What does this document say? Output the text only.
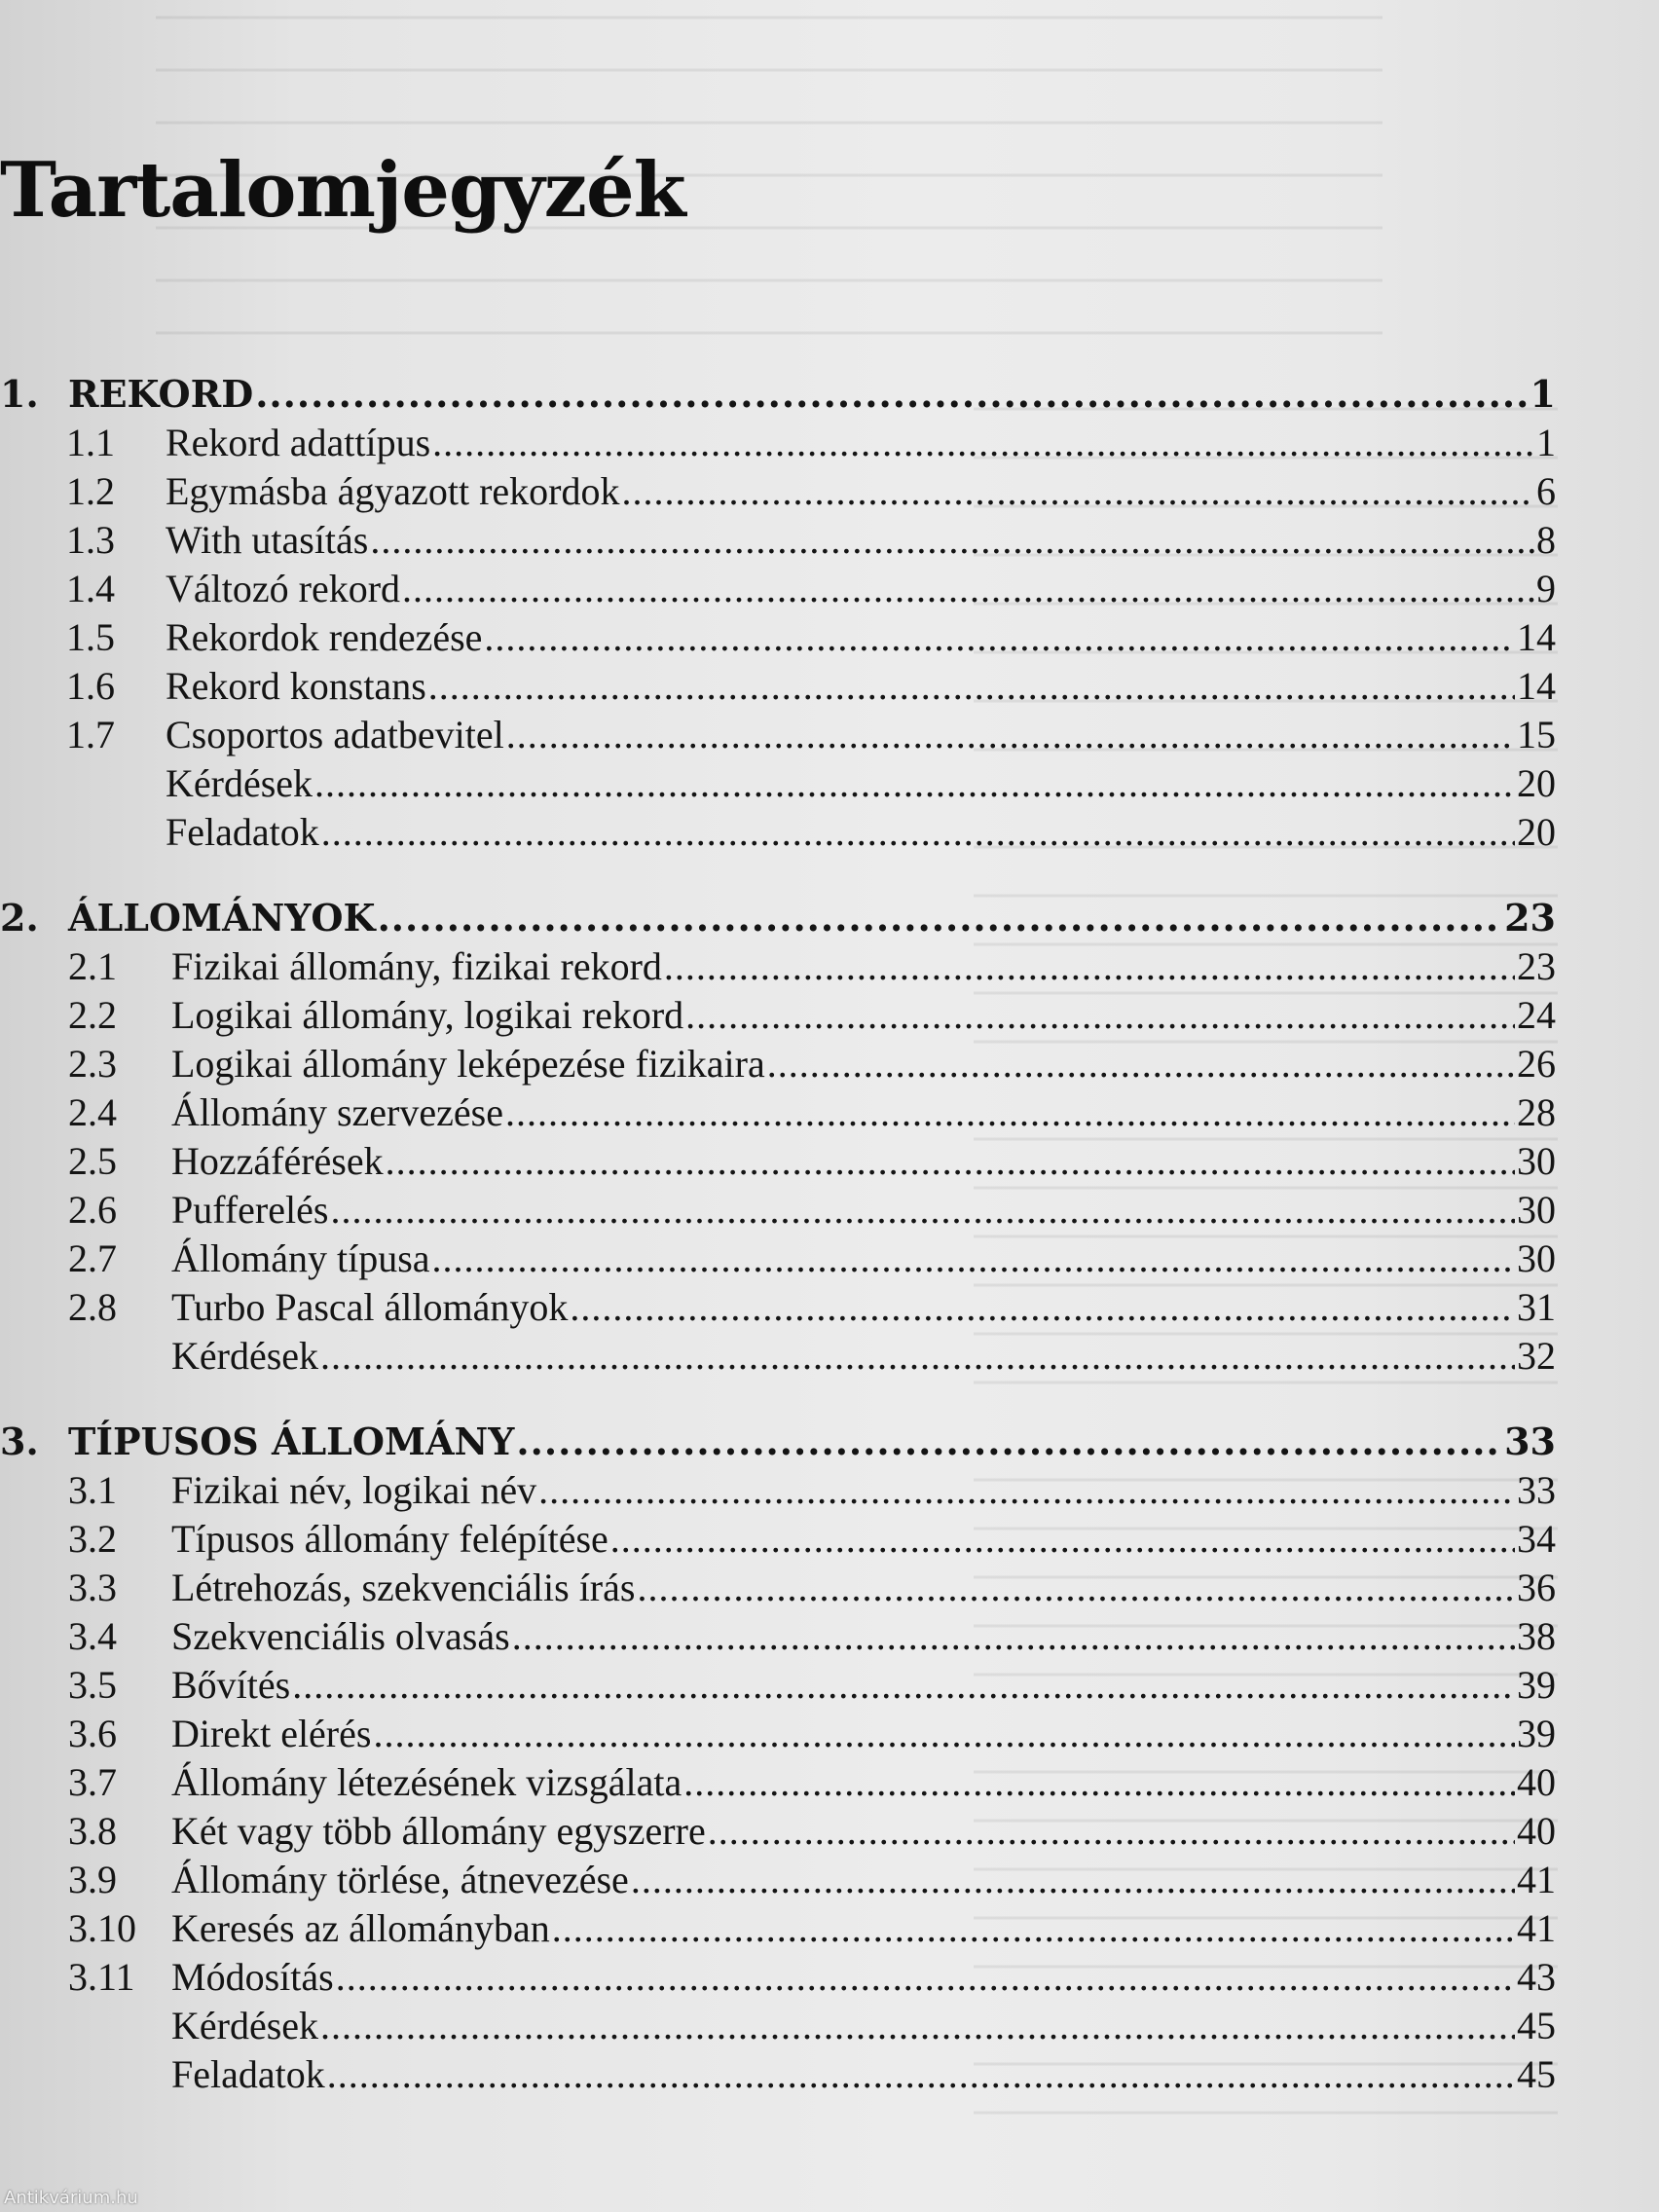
Tartalomjegyzék
1. REKORD .....	1
1.1	Rekord adattípus .....	1
1.2	Egymásba ágyazott rekordok .....	6
1.3	With utasítás .....	8
1.4	Változó rekord .....	9
1.5	Rekordok rendezése .....	14
1.6	Rekord konstans .....	14
1.7	Csoportos adatbevitel .....	15
Kérdések .....	20
Feladatok .....	20
2. ÁLLOMÁNYOK .....	23
2.1	Fizikai állomány, fizikai rekord .....	23
2.2	Logikai állomány, logikai rekord .....	24
2.3	Logikai állomány leképezése fizikaira .....	26
2.4	Állomány szervezése .....	28
2.5	Hozzáférések .....	30
2.6	Pufferelés .....	30
2.7	Állomány típusa .....	30
2.8	Turbo Pascal állományok .....	31
Kérdések .....	32
3. TÍPUSOS ÁLLOMÁNY .....	33
3.1	Fizikai név, logikai név .....	33
3.2	Típusos állomány felépítése .....	34
3.3	Létrehozás, szekvenciális írás .....	36
3.4	Szekvenciális olvasás .....	38
3.5	Bővítés .....	39
3.6	Direkt elérés .....	39
3.7	Állomány létezésének vizsgálata .....	40
3.8	Két vagy több állomány egyszerre .....	40
3.9	Állomány törlése, átnevezése .....	41
3.10 Keresés az állományban .....	41
3.11 Módosítás .....	43
Kérdések .....	45
Feladatok .....	45
Antikvárium.hu
